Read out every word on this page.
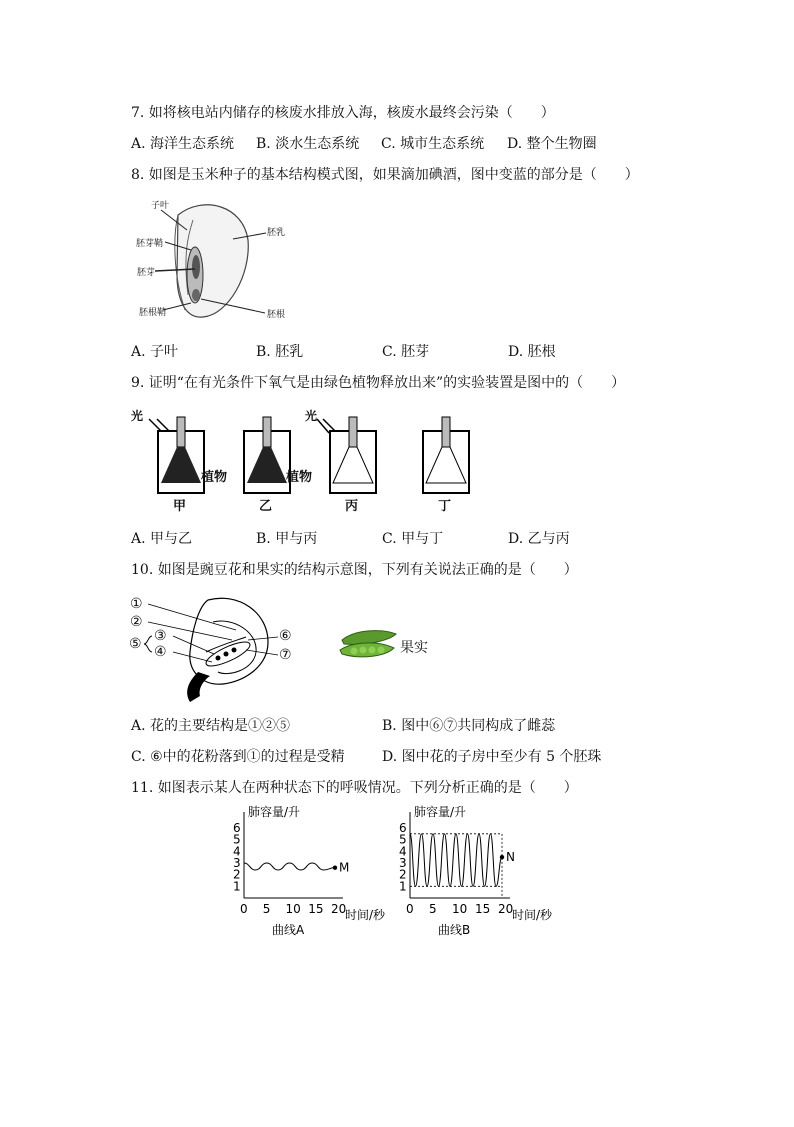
7. 如将核电站内储存的核废水排放入海，核废水最终会污染（　　）
A. 海洋生态系统 B. 淡水生态系统 C. 城市生态系统 D. 整个生物圈
8. 如图是玉米种子的基本结构模式图，如果滴加碘酒，图中变蓝的部分是（　　）
子叶
胚芽鞘
胚芽
胚根鞘
胚乳
胚根
A. 子叶	B. 胚乳	C. 胚芽	D. 胚根
9. 证明“在有光条件下氧气是由绿色植物释放出来”的实验装置是图中的（　　）
光	光
植物	植物
甲	乙	丙	丁
A. 甲与乙	B. 甲与丙	C. 甲与丁	D. 乙与丙
10. 如图是豌豆花和果实的结构示意图，下列有关说法正确的是（　　）
①
②
③
④
⑤	⑥
⑦	果实
A. 花的主要结构是①②⑤	B. 图中⑥⑦共同构成了雌蕊
C. ⑥中的花粉落到①的过程是受精	D. 图中花的子房中至少有 5 个胚珠
11. 如图表示某人在两种状态下的呼吸情况。下列分析正确的是（　　）
肺容量/升
时间/秒
1
2
3
4
5
6
0 5 10 15 20
M
曲线A
肺容量/升
时间/秒
1
2
3
4
5
6
0 5 10 15 20
N
曲线B
